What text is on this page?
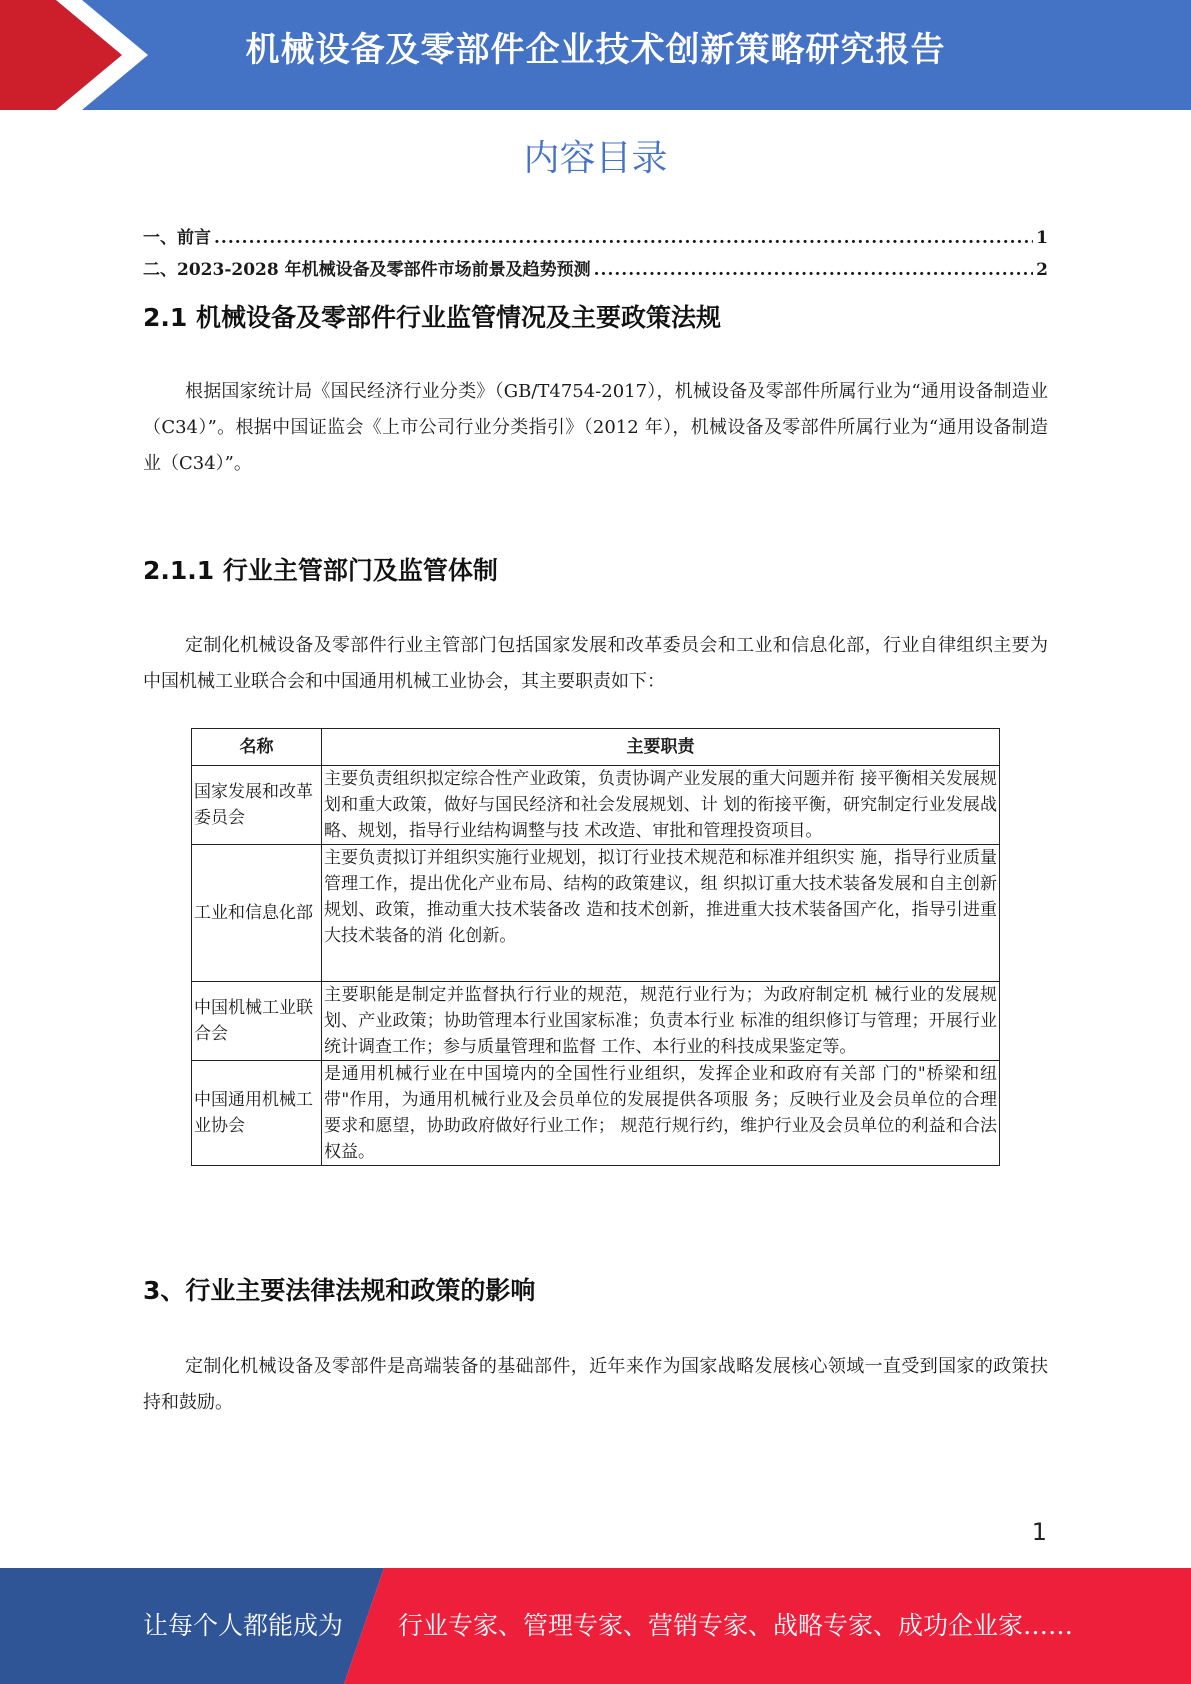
机械设备及零部件企业技术创新策略研究报告
内容目录
一、前言 .....	1
二、2023-2028 年机械设备及零部件市场前景及趋势预测 .....	2
2.1 机械设备及零部件行业监管情况及主要政策法规

根据国家统计局《国民经济行业分类》（GB/T4754-2017），机械设备及零部件所属行业为“通用设备制造业（C34）”。根据中国证监会《上市公司行业分类指引》（2012 年），机械设备及零部件所属行业为“通用设备制造业（C34）”。

2.1.1 行业主管部门及监管体制

定制化机械设备及零部件行业主管部门包括国家发展和改革委员会和工业和信息化部，行业自律组织主要为中国机械工业联合会和中国通用机械工业协会，其主要职责如下：

名称	主要职责
国家发展和改革委员会	主要负责组织拟定综合性产业政策，负责协调产业发展的重大问题并衔 接平衡相关发展规划和重大政策，做好与国民经济和社会发展规划、计 划的衔接平衡，研究制定行业发展战略、规划，指导行业结构调整与技 术改造、审批和管理投资项目。
工业和信息化部	主要负责拟订并组织实施行业规划，拟订行业技术规范和标准并组织实 施，指导行业质量管理工作，提出优化产业布局、结构的政策建议，组 织拟订重大技术装备发展和自主创新规划、政策，推动重大技术装备改 造和技术创新，推进重大技术装备国产化，指导引进重大技术装备的消 化创新。
中国机械工业联合会	主要职能是制定并监督执行行业的规范，规范行业行为；为政府制定机 械行业的发展规划、产业政策；协助管理本行业国家标准；负责本行业 标准的组织修订与管理；开展行业统计调查工作；参与质量管理和监督 工作、本行业的科技成果鉴定等。
中国通用机械工业协会	是通用机械行业在中国境内的全国性行业组织，发挥企业和政府有关部 门的"桥梁和纽带"作用，为通用机械行业及会员单位的发展提供各项服 务；反映行业及会员单位的合理要求和愿望，协助政府做好行业工作； 规范行规行约，维护行业及会员单位的利益和合法权益。
3、行业主要法律法规和政策的影响

定制化机械设备及零部件是高端装备的基础部件，近年来作为国家战略发展核心领域一直受到国家的政策扶持和鼓励。

1
让每个人都能成为 行业专家、管理专家、营销专家、战略专家、成功企业家……
